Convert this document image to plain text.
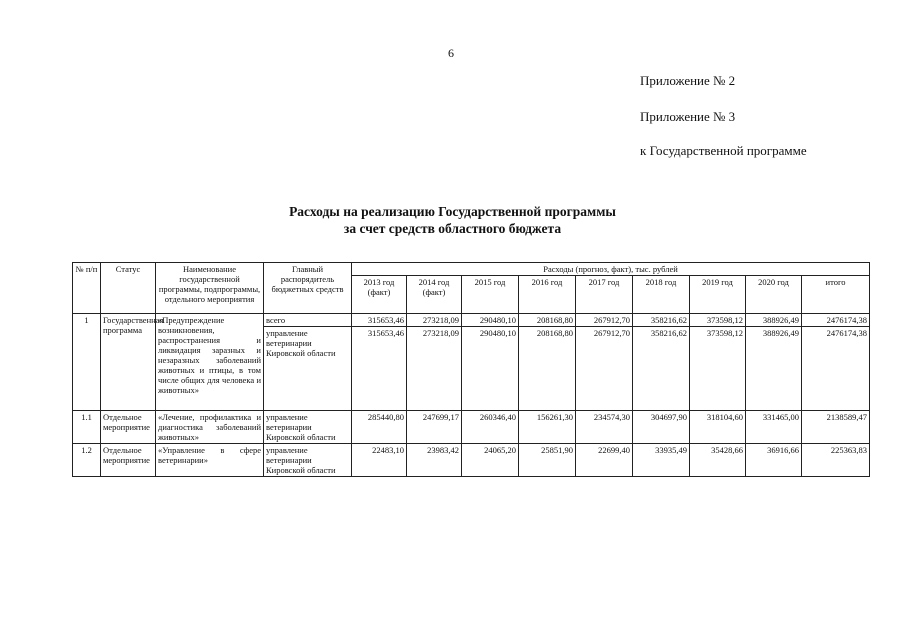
6
Приложение № 2
Приложение № 3
к Государственной программе
Расходы на реализацию Государственной программы
за счет средств областного бюджета
№ п/п	Статус	Наименование государственной программы, подпрограммы, отдельного мероприятия	Главный распорядитель бюджетных средств	Расходы (прогноз, факт), тыс. рублей								
				2013 год (факт)	2014 год (факт)	2015 год	2016 год	2017 год	2018 год	2019 год	2020 год	итого
1	Государственная программа	«Предупреждение возникновения, распространения и ликвидация заразных и незаразных заболеваний животных и птицы, в том числе общих для человека и животных»	всего	315653,46	273218,09	290480,10	208168,80	267912,70	358216,62	373598,12	388926,49	2476174,38
			управление ветеринарии Кировской области	315653,46	273218,09	290480,10	208168,80	267912,70	358216,62	373598,12	388926,49	2476174,38
1.1	Отдельное мероприятие	«Лечение, профилактика и диагностика заболеваний животных»	управление ветеринарии Кировской области	285440,80	247699,17	260346,40	156261,30	234574,30	304697,90	318104,60	331465,00	2138589,47
1.2	Отдельное мероприятие	«Управление в сфере ветеринарии»	управление ветеринарии Кировской области	22483,10	23983,42	24065,20	25851,90	22699,40	33935,49	35428,66	36916,66	225363,83
